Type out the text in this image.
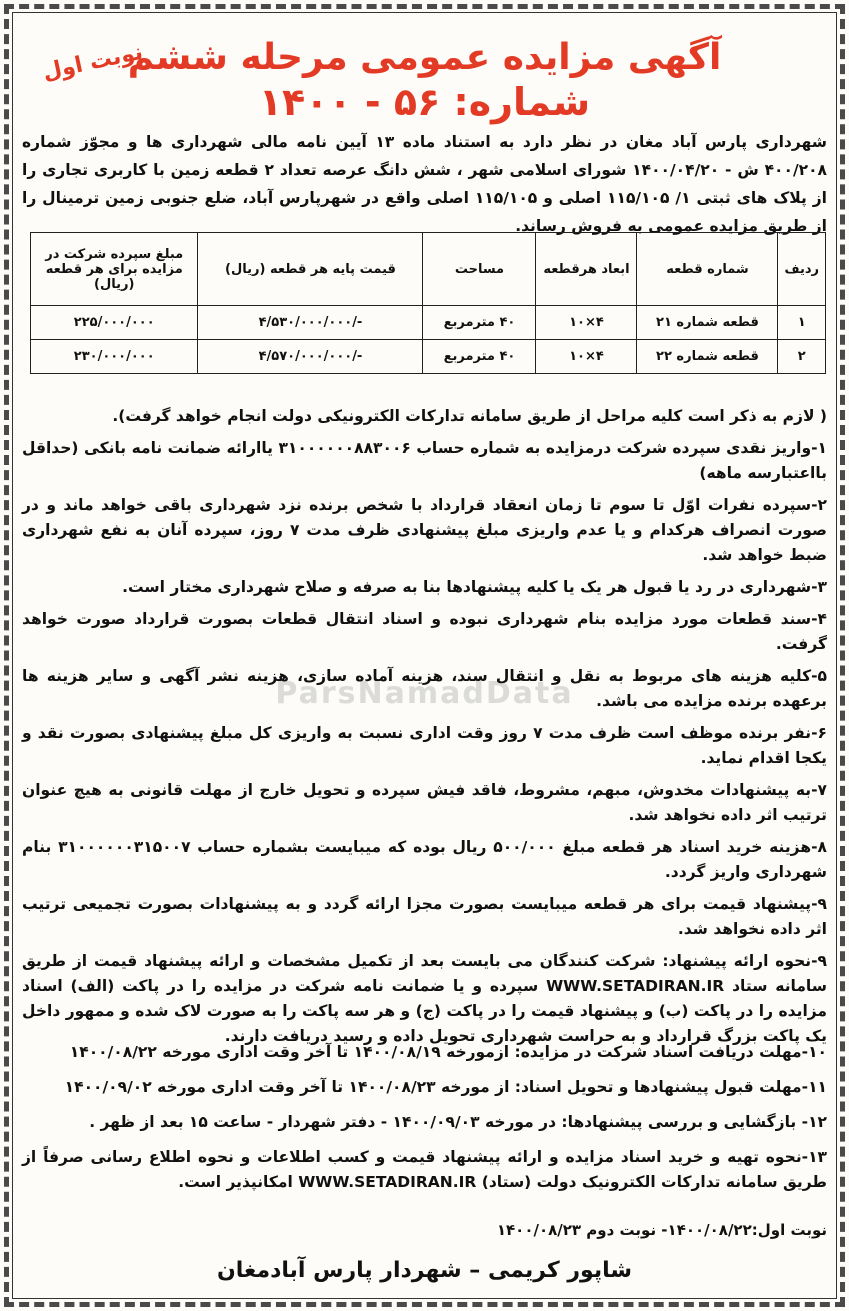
ParsNamadData
نوبت اول
آگهی مزایده عمومی مرحله ششم
شماره: ۵۶ - ۱۴۰۰
شهرداری پارس آباد مغان در نظر دارد به استناد ماده ۱۳ آیین نامه مالی شهرداری ها و مجوّز شماره ۴۰۰/۲۰۸ ش - ۱۴۰۰/۰۴/۲۰ شورای اسلامی شهر ، شش دانگ عرصه تعداد ۲ قطعه زمین با کاربری تجاری را از پلاک های ثبتی ۱/ ۱۱۵/۱۰۵ اصلی و ۱۱۵/۱۰۵ اصلی واقع در شهرپارس آباد، ضلع جنوبی زمین ترمینال را از طریق مزایده عمومی به فروش رساند.
ردیف	شماره قطعه	ابعاد هرقطعه	مساحت	قیمت پایه هر قطعه (ریال)	مبلغ سپرده شرکت در مزایده برای هر قطعه (ریال)
۱	قطعه شماره ۲۱	۴×۱۰	۴۰ مترمربع	-/۴/۵۳۰/۰۰۰/۰۰۰	۲۲۵/۰۰۰/۰۰۰
۲	قطعه شماره ۲۲	۴×۱۰	۴۰ مترمربع	-/۴/۵۷۰/۰۰۰/۰۰۰	۲۳۰/۰۰۰/۰۰۰
( لازم به ذکر است کلیه مراحل از طریق سامانه تدارکات الکترونیکی دولت انجام خواهد گرفت).

۱-واریز نقدی سپرده شرکت درمزایده به شماره حساب ۳۱۰۰۰۰۰۰۸۸۳۰۰۶ یاارائه ضمانت نامه بانکی (حداقل بااعتبارسه ماهه)

۲-سپرده نفرات اوّل تا سوم تا زمان انعقاد قرارداد با شخص برنده نزد شهرداری باقی خواهد ماند و در صورت انصراف هرکدام و یا عدم واریزی مبلغ پیشنهادی ظرف مدت ۷ روز، سپرده آنان به نفع شهرداری ضبط خواهد شد.

۳-شهرداری در رد یا قبول هر یک یا کلیه پیشنهادها بنا به صرفه و صلاح شهرداری مختار است.

۴-سند قطعات مورد مزایده بنام شهرداری نبوده و اسناد انتقال قطعات بصورت قرارداد صورت خواهد گرفت.

۵-کلیه هزینه های مربوط به نقل و انتقال سند، هزینه آماده سازی، هزینه نشر آگهی و سایر هزینه ها برعهده برنده مزایده می باشد.

۶-نفر برنده موظف است ظرف مدت ۷ روز وقت اداری نسبت به واریزی کل مبلغ پیشنهادی بصورت نقد و یکجا اقدام نماید.

۷-به پیشنهادات مخدوش، مبهم، مشروط، فاقد فیش سپرده و تحویل خارج از مهلت قانونی به هیچ عنوان ترتیب اثر داده نخواهد شد.

۸-هزینه خرید اسناد هر قطعه مبلغ ۵۰۰/۰۰۰ ریال بوده که میبایست بشماره حساب ۳۱۰۰۰۰۰۰۳۱۵۰۰۷ بنام شهرداری واریز گردد.

۹-پیشنهاد قیمت برای هر قطعه میبایست بصورت مجزا ارائه گردد و به پیشنهادات بصورت تجمیعی ترتیب اثر داده نخواهد شد.

۹-نحوه ارائه پیشنهاد: شرکت کنندگان می بایست بعد از تکمیل مشخصات و ارائه پیشنهاد قیمت از طریق سامانه ستاد WWW.SETADIRAN.IR سپرده و یا ضمانت نامه شرکت در مزایده را در پاکت (الف) اسناد مزایده را در پاکت (ب) و پیشنهاد قیمت را در پاکت (ج) و هر سه پاکت را به صورت لاک شده و ممهور داخل یک پاکت بزرگ قرارداد و به حراست شهرداری تحویل داده و رسید دریافت دارند.

۱۰-مهلت دریافت اسناد شرکت در مزایده: ازمورخه ۱۴۰۰/۰۸/۱۹ تا آخر وقت اداری مورخه ۱۴۰۰/۰۸/۲۲

۱۱-مهلت قبول پیشنهادها و تحویل اسناد: از مورخه ۱۴۰۰/۰۸/۲۳ تا آخر وقت اداری مورخه ۱۴۰۰/۰۹/۰۲

۱۲- بازگشایی و بررسی پیشنهادها: در مورخه ۱۴۰۰/۰۹/۰۳ - دفتر شهردار - ساعت ۱۵ بعد از ظهر .

۱۳-نحوه تهیه و خرید اسناد مزایده و ارائه پیشنهاد قیمت و کسب اطلاعات و نحوه اطلاع رسانی صرفاً از طریق سامانه تدارکات الکترونیک دولت (ستاد) WWW.SETADIRAN.IR امکانپذیر است.

نوبت اول:۱۴۰۰/۰۸/۲۲- نوبت دوم ۱۴۰۰/۰۸/۲۳
شاپور کریمی – شهردار پارس آبادمغان
